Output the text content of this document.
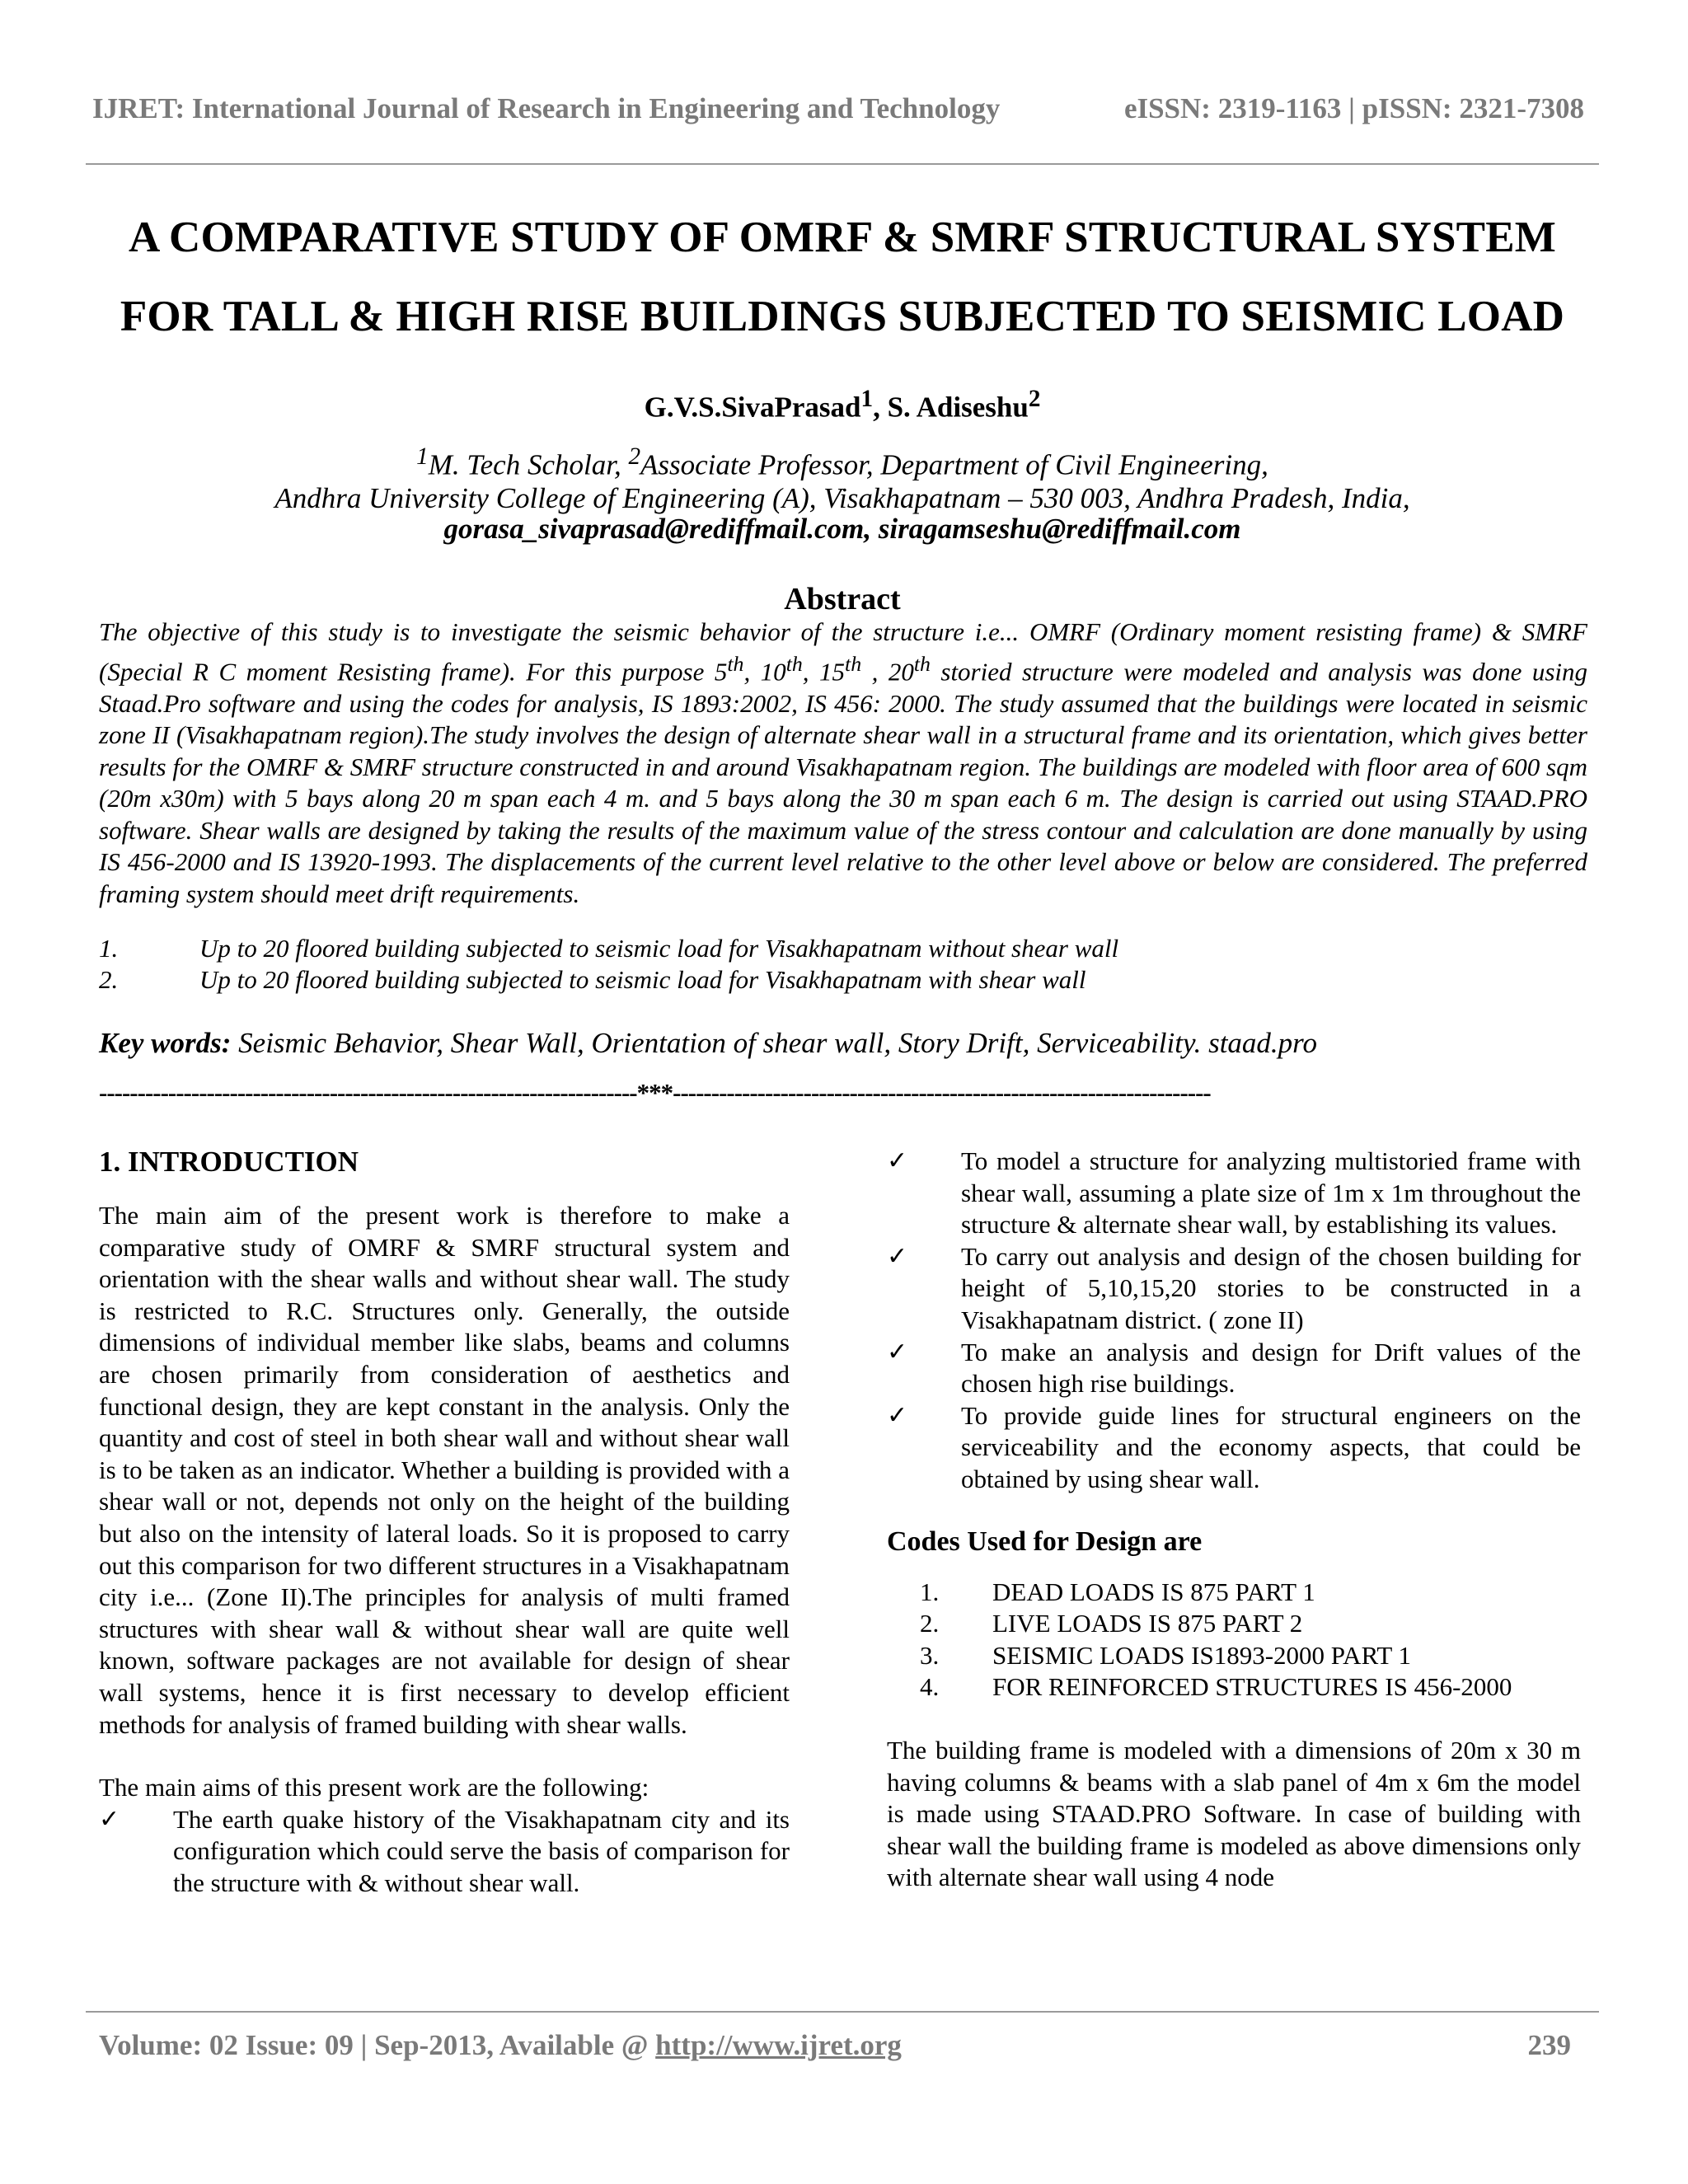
IJRET: International Journal of Research in Engineering and Technology	eISSN: 2319-1163 | pISSN: 2321-7308
A COMPARATIVE STUDY OF OMRF & SMRF STRUCTURAL SYSTEM
FOR TALL & HIGH RISE BUILDINGS SUBJECTED TO SEISMIC LOAD
G.V.S.SivaPrasad$^1$, S. Adiseshu$^2$
$^1$M. Tech Scholar, $^2$Associate Professor, Department of Civil Engineering,
Andhra University College of Engineering (A), Visakhapatnam – 530 003, Andhra Pradesh, India,
gorasa_sivaprasad@rediffmail.com, siragamseshu@rediffmail.com
Abstract
The objective of this study is to investigate the seismic behavior of the structure i.e... OMRF (Ordinary moment resisting frame) & SMRF (Special R C moment Resisting frame). For this purpose 5th, 10th, 15th , 20th storied structure were modeled and analysis was done using Staad.Pro software and using the codes for analysis, IS 1893:2002, IS 456: 2000. The study assumed that the buildings were located in seismic zone II (Visakhapatnam region).The study involves the design of alternate shear wall in a structural frame and its orientation, which gives better results for the OMRF & SMRF structure constructed in and around Visakhapatnam region. The buildings are modeled with floor area of 600 sqm (20m x30m) with 5 bays along 20 m span each 4 m. and 5 bays along the 30 m span each 6 m. The design is carried out using STAAD.PRO software. Shear walls are designed by taking the results of the maximum value of the stress contour and calculation are done manually by using IS 456-2000 and IS 13920-1993. The displacements of the current level relative to the other level above or below are considered. The preferred framing system should meet drift requirements.
1.	Up to 20 floored building subjected to seismic load for Visakhapatnam without shear wall
2.	Up to 20 floored building subjected to seismic load for Visakhapatnam with shear wall
Key words: Seismic Behavior, Shear Wall, Orientation of shear wall, Story Drift, Serviceability. staad.pro
----------------------------------------------------------------------***----------------------------------------------------------------------
1. INTRODUCTION

The main aim of the present work is therefore to make a comparative study of OMRF & SMRF structural system and orientation with the shear walls and without shear wall. The study is restricted to R.C. Structures only. Generally, the outside dimensions of individual member like slabs, beams and columns are chosen primarily from consideration of aesthetics and functional design, they are kept constant in the analysis. Only the quantity and cost of steel in both shear wall and without shear wall is to be taken as an indicator. Whether a building is provided with a shear wall or not, depends not only on the height of the building but also on the intensity of lateral loads. So it is proposed to carry out this comparison for two different structures in a Visakhapatnam city i.e... (Zone II).The principles for analysis of multi framed structures with shear wall & without shear wall are quite well known, software packages are not available for design of shear wall systems, hence it is first necessary to develop efficient methods for analysis of framed building with shear walls.

The main aims of this present work are the following:

✓	The earth quake history of the Visakhapatnam city and its configuration which could serve the basis of comparison for the structure with & without shear wall.
✓	To model a structure for analyzing multistoried frame with shear wall, assuming a plate size of 1m x 1m throughout the structure & alternate shear wall, by establishing its values.
✓	To carry out analysis and design of the chosen building for height of 5,10,15,20 stories to be constructed in a Visakhapatnam district. ( zone II)
✓	To make an analysis and design for Drift values of the chosen high rise buildings.
✓	To provide guide lines for structural engineers on the serviceability and the economy aspects, that could be obtained by using shear wall.
Codes Used for Design are
1.	DEAD LOADS IS 875 PART 1
2.	LIVE LOADS IS 875 PART 2
3.	SEISMIC LOADS IS1893-2000 PART 1
4.	FOR REINFORCED STRUCTURES IS 456-2000

The building frame is modeled with a dimensions of 20m x 30 m having columns & beams with a slab panel of 4m x 6m the model is made using STAAD.PRO Software. In case of building with shear wall the building frame is modeled as above dimensions only with alternate shear wall using 4 node

Volume: 02 Issue: 09 | Sep-2013, Available @ http://www.ijret.org	239
